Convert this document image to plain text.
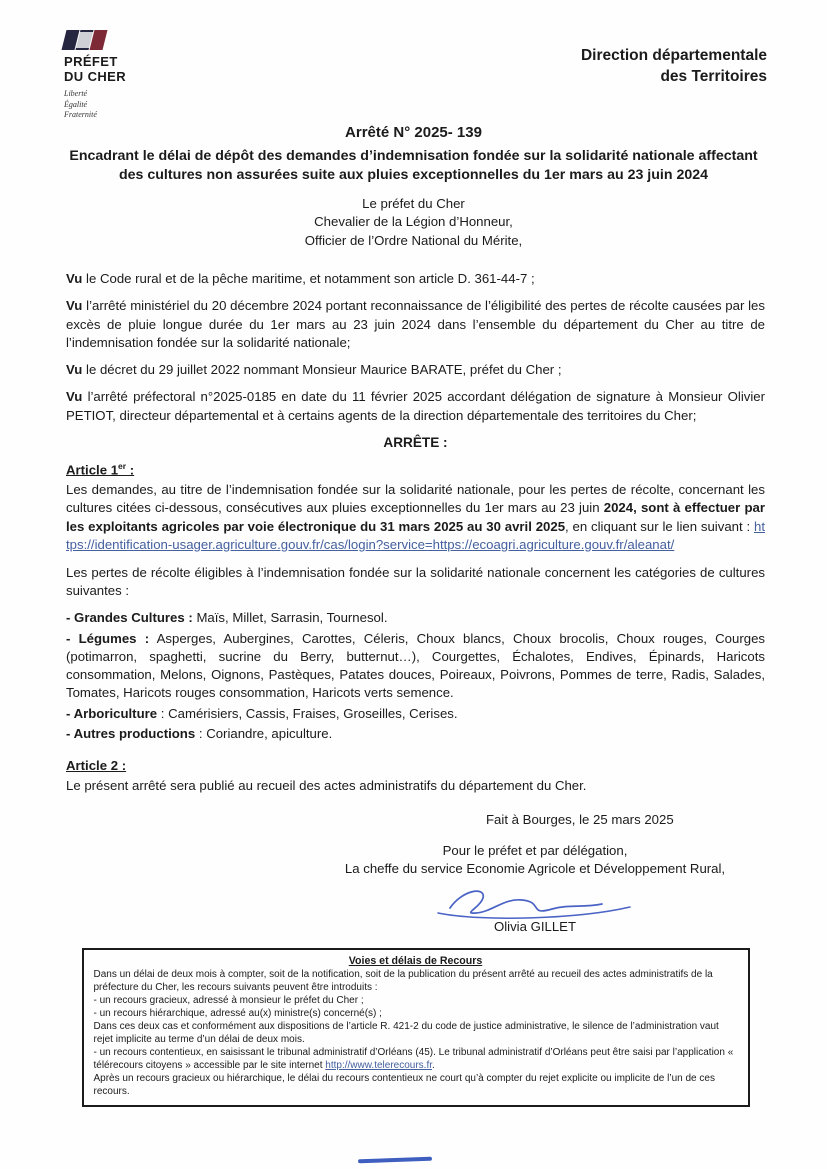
PRÉFET
DU CHER
Liberté
Égalité
Fraternité
Direction départementale
des Territoires
Arrêté N° 2025- 139
Encadrant le délai de dépôt des demandes d’indemnisation fondée sur la solidarité nationale affectant des cultures non assurées suite aux pluies exceptionnelles du 1er mars au 23 juin 2024
Le préfet du Cher
Chevalier de la Légion d’Honneur,
Officier de l’Ordre National du Mérite,

Vu le Code rural et de la pêche maritime, et notamment son article D. 361-44-7 ;

Vu l’arrêté ministériel du 20 décembre 2024 portant reconnaissance de l’éligibilité des pertes de récolte causées par les excès de pluie longue durée du 1er mars au 23 juin 2024 dans l’ensemble du département du Cher au titre de l’indemnisation fondée sur la solidarité nationale;

Vu le décret du 29 juillet 2022 nommant Monsieur Maurice BARATE, préfet du Cher ;

Vu l’arrêté préfectoral n°2025-0185 en date du 11 février 2025 accordant délégation de signature à Monsieur Olivier PETIOT, directeur départemental et à certains agents de la direction départementale des territoires du Cher;

ARRÊTE :
Article 1er :

Les demandes, au titre de l’indemnisation fondée sur la solidarité nationale, pour les pertes de récolte, concernant les cultures citées ci-dessous, consécutives aux pluies exceptionnelles du 1er mars au 23 juin 2024, sont à effectuer par les exploitants agricoles par voie électronique du 31 mars 2025 au 30 avril 2025, en cliquant sur le lien suivant : https://identification-usager.agriculture.gouv.fr/cas/login?service=https://ecoagri.agriculture.gouv.fr/aleanat/

Les pertes de récolte éligibles à l’indemnisation fondée sur la solidarité nationale concernent les catégories de cultures suivantes :

- Grandes Cultures : Maïs, Millet, Sarrasin, Tournesol.

- Légumes : Asperges, Aubergines, Carottes, Céleris, Choux blancs, Choux brocolis, Choux rouges, Courges (potimarron, spaghetti, sucrine du Berry, butternut…), Courgettes, Échalotes, Endives, Épinards, Haricots consommation, Melons, Oignons, Pastèques, Patates douces, Poireaux, Poivrons, Pommes de terre, Radis, Salades, Tomates, Haricots rouges consommation, Haricots verts semence.

- Arboriculture : Camérisiers, Cassis, Fraises, Groseilles, Cerises.

- Autres productions : Coriandre, apiculture.

Article 2 :

Le présent arrêté sera publié au recueil des actes administratifs du département du Cher.

Fait à Bourges, le 25 mars 2025
Pour le préfet et par délégation,
La cheffe du service Economie Agricole et Développement Rural,
Olivia GILLET

Voies et délais de Recours

Dans un délai de deux mois à compter, soit de la notification, soit de la publication du présent arrêté au recueil des actes administratifs de la préfecture du Cher, les recours suivants peuvent être introduits :

- un recours gracieux, adressé à monsieur le préfet du Cher ;

- un recours hiérarchique, adressé au(x) ministre(s) concerné(s) ;

Dans ces deux cas et conformément aux dispositions de l’article R. 421-2 du code de justice administrative, le silence de l’administration vaut rejet implicite au terme d’un délai de deux mois.

- un recours contentieux, en saisissant le tribunal administratif d’Orléans (45). Le tribunal administratif d’Orléans peut être saisi par l’application « télérecours citoyens » accessible par le site internet http://www.telerecours.fr.

Après un recours gracieux ou hiérarchique, le délai du recours contentieux ne court qu’à compter du rejet explicite ou implicite de l’un de ces recours.
